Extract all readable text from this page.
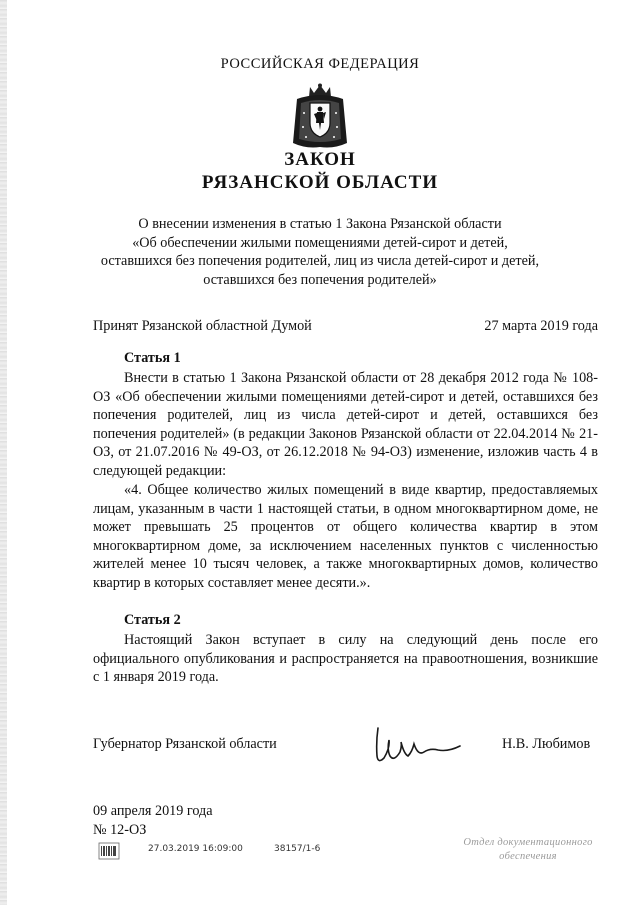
РОССИЙСКАЯ ФЕДЕРАЦИЯ
ЗАКОН
РЯЗАНСКОЙ ОБЛАСТИ
О внесении изменения в статью 1 Закона Рязанской области
«Об обеспечении жилыми помещениями детей-сирот и детей,
оставшихся без попечения родителей, лиц из числа детей-сирот и детей,
оставшихся без попечения родителей»
Принят Рязанской областной Думой	27 марта 2019 года
Статья 1
Внести в статью 1 Закона Рязанской области от 28 декабря 2012 года № 108-ОЗ «Об обеспечении жилыми помещениями детей-сирот и детей, оставшихся без попечения родителей, лиц из числа детей-сирот и детей, оставшихся без попечения родителей» (в редакции Законов Рязанской области от 22.04.2014 № 21-ОЗ, от 21.07.2016 № 49-ОЗ, от 26.12.2018 № 94-ОЗ) изменение, изложив часть 4 в следующей редакции:
«4. Общее количество жилых помещений в виде квартир, предоставляемых лицам, указанным в части 1 настоящей статьи, в одном многоквартирном доме, не может превышать 25 процентов от общего количества квартир в этом многоквартирном доме, за исключением населенных пунктов с численностью жителей менее 10 тысяч человек, а также многоквартирных домов, количество квартир в которых составляет менее десяти.».
Статья 2
Настоящий Закон вступает в силу на следующий день после его официального опубликования и распространяется на правоотношения, возникшие с 1 января 2019 года.
Губернатор Рязанской области	Н.В. Любимов
09 апреля 2019 года
№ 12-ОЗ
27.03.2019 16:09:00	38157/1-6
Отдел документационного
обеспечения
